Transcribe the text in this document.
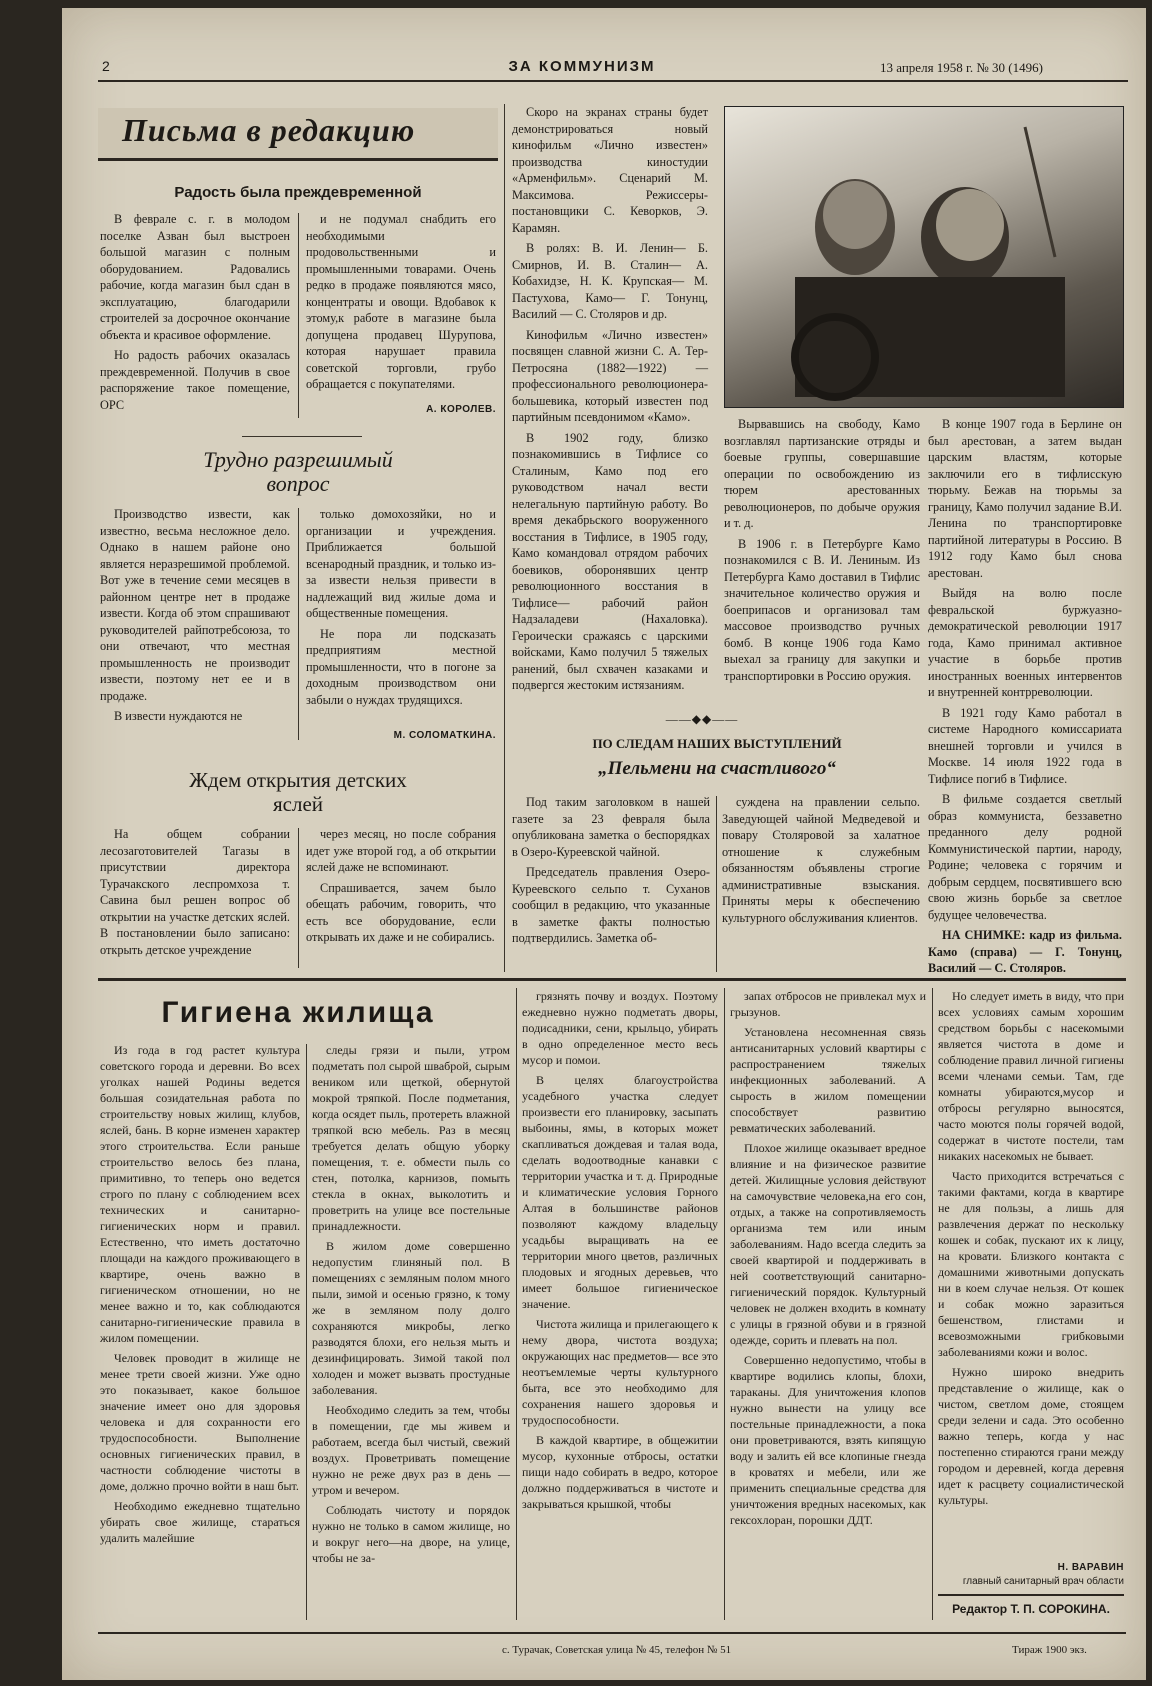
2	ЗА КОММУНИЗМ	13 апреля 1958 г. № 30 (1496)
Письма в редакцию
Радость была преждевременной

В феврале с. г. в молодом поселке Азван был выстроен большой магазин с полным оборудованием. Радовались рабочие, когда магазин был сдан в эксплуатацию, благодарили строителей за досрочное окончание объекта и красивое оформление.

Но радость рабочих оказалась преждевременной. Получив в свое распоряжение такое помещение, ОРС

и не подумал снабдить его необходимыми продовольственными и промышленными товарами. Очень редко в продаже появляются мясо, концентраты и овощи. Вдобавок к этому,к работе в магазине была допущена продавец Шурупова, которая нарушает правила советской торговли, грубо обращается с покупателями.

А. КОРОЛЕВ.
Трудно разрешимый
вопрос

Производство извести, как известно, весьма несложное дело. Однако в нашем районе оно является неразрешимой проблемой. Вот уже в течение семи месяцев в районном центре нет в продаже извести. Когда об этом спрашивают руководителей райпотребсоюза, то они отвечают, что местная промышленность не производит извести, поэтому нет ее и в продаже.

В извести нуждаются не

только домохозяйки, но и организации и учреждения. Приближается большой всенародный праздник, и только из-за извести нельзя привести в надлежащий вид жилые дома и общественные помещения.

Не пора ли подсказать предприятиям местной промышленности, что в погоне за доходным производством они забыли о нуждах трудящихся.

М. СОЛОМАТКИНА.
Ждем открытия детских
яслей

На общем собрании лесозаготовителей Тагазы в присутствии директора Турачакского леспромхоза т. Савина был решен вопрос об открытии на участке детских яслей. В постановлении было записано: открыть детское учреждение

через месяц, но после собрания идет уже второй год, а об открытии яслей даже не вспоминают.

Спрашивается, зачем было обещать рабочим, говорить, что есть все оборудование, если открывать их даже и не собирались.

Скоро на экранах страны будет демонстрироваться новый кинофильм «Лично известен» производства киностудии «Арменфильм». Сценарий М. Максимова. Режиссеры-постановщики С. Кеворков, Э. Карамян.

В ролях: В. И. Ленин— Б. Смирнов, И. В. Сталин— А. Кобахидзе, Н. К. Крупская— М. Пастухова, Камо— Г. Тонунц, Василий — С. Столяров и др.

Кинофильм «Лично известен» посвящен славной жизни С. А. Тер-Петросяна (1882—1922) —профессионального революционера-большевика, который известен под партийным псевдонимом «Камо».

В 1902 году, близко познакомившись в Тифлисе со Сталиным, Камо под его руководством начал вести нелегальную партийную работу. Во время декабрьского вооруженного восстания в Тифлисе, в 1905 году, Камо командовал отрядом рабочих боевиков, оборонявших центр революционного восстания в Тифлисе— рабочий район Надзаладеви (Нахаловка). Героически сражаясь с царскими войсками, Камо получил 5 тяжелых ранений, был схвачен казаками и подвергся жестоким истязаниям.

Вырвавшись на свободу, Камо возглавлял партизанские отряды и боевые группы, совершавшие операции по освобождению из тюрем арестованных революционеров, по добыче оружия и т. д.

В 1906 г. в Петербурге Камо познакомился с В. И. Лениным. Из Петербурга Камо доставил в Тифлис значительное количество оружия и боеприпасов и организовал там массовое производство ручных бомб. В конце 1906 года Камо выехал за границу для закупки и транспортировки в Россию оружия.

В конце 1907 года в Берлине он был арестован, а затем выдан царским властям, которые заключили его в тифлисскую тюрьму. Бежав на тюрьмы за границу, Камо получил задание В.И. Ленина по транспортировке партийной литературы в Россию. В 1912 году Камо был снова арестован.

Выйдя на волю после февральской буржуазно-демократической революции 1917 года, Камо принимал активное участие в борьбе против иностранных военных интервентов и внутренней контрреволюции.

В 1921 году Камо работал в системе Народного комиссариата внешней торговли и учился в Москве. 14 июля 1922 года в Тифлисе погиб в Тифлисе.

В фильме создается светлый образ коммуниста, беззаветно преданного делу родной Коммунистической партии, народу, Родине; человека с горячим и добрым сердцем, посвятившего всю свою жизнь борьбе за светлое будущее человечества.

НА СНИМКЕ: кадр из фильма. Камо (справа) — Г. Тонунц, Василий — С. Столяров.

――◆◆――
ПО СЛЕДАМ НАШИХ ВЫСТУПЛЕНИЙ
„Пельмени на счастливого“

Под таким заголовком в нашей газете за 23 февраля была опубликована заметка о беспорядках в Озеро-Куреевской чайной.

Председатель правления Озеро-Куреевского сельпо т. Суханов сообщил в редакцию, что указанные в заметке факты полностью подтвердились. Заметка об-

суждена на правлении сельпо. Заведующей чайной Медведевой и повару Столяровой за халатное отношение к служебным обязанностям объявлены строгие административные взыскания. Приняты меры к обеспечению культурного обслуживания клиентов.

Гигиена жилища

Из года в год растет культура советского города и деревни. Во всех уголках нашей Родины ведется большая созидательная работа по строительству новых жилищ, клубов, яслей, бань. В корне изменен характер этого строительства. Если раньше строительство велось без плана, примитивно, то теперь оно ведется строго по плану с соблюдением всех технических и санитарно-гигиенических норм и правил. Естественно, что иметь достаточно площади на каждого проживающего в квартире, очень важно в гигиеническом отношении, но не менее важно и то, как соблюдаются санитарно-гигиенические правила в жилом помещении.

Человек проводит в жилище не менее трети своей жизни. Уже одно это показывает, какое большое значение имеет оно для здоровья человека и для сохранности его трудоспособности. Выполнение основных гигиенических правил, в частности соблюдение чистоты в доме, должно прочно войти в наш быт.

Необходимо ежедневно тщательно убирать свое жилище, стараться удалить малейшие

следы грязи и пыли, утром подметать пол сырой шваброй, сырым веником или щеткой, обернутой мокрой тряпкой. После подметания, когда осядет пыль, протереть влажной тряпкой всю мебель. Раз в месяц требуется делать общую уборку помещения, т. е. обмести пыль со стен, потолка, карнизов, помыть стекла в окнах, выколотить и проветрить на улице все постельные принадлежности.

В жилом доме совершенно недопустим глиняный пол. В помещениях с земляным полом много пыли, зимой и осенью грязно, к тому же в земляном полу долго сохраняются микробы, легко разводятся блохи, его нельзя мыть и дезинфицировать. Зимой такой пол холоден и может вызвать простудные заболевания.

Необходимо следить за тем, чтобы в помещении, где мы живем и работаем, всегда был чистый, свежий воздух. Проветривать помещение нужно не реже двух раз в день — утром и вечером.

Соблюдать чистоту и порядок нужно не только в самом жилище, но и вокруг него—на дворе, на улице, чтобы не за-

грязнять почву и воздух. Поэтому ежедневно нужно подметать дворы, подисадники, сени, крыльцо, убирать в одно определенное место весь мусор и помои.

В целях благоустройства усадебного участка следует произвести его планировку, засыпать выбоины, ямы, в которых может скапливаться дождевая и талая вода, сделать водоотводные канавки с территории участка и т. д. Природные и климатические условия Горного Алтая в большинстве районов позволяют каждому владельцу усадьбы выращивать на ее территории много цветов, различных плодовых и ягодных деревьев, что имеет большое гигиеническое значение.

Чистота жилища и прилегающего к нему двора, чистота воздуха; окружающих нас предметов— все это неотъемлемые черты культурного быта, все это необходимо для сохранения нашего здоровья и трудоспособности.

В каждой квартире, в общежитии мусор, кухонные отбросы, остатки пищи надо собирать в ведро, которое должно поддерживаться в чистоте и закрываться крышкой, чтобы

запах отбросов не привлекал мух и грызунов.

Установлена несомненная связь антисанитарных условий квартиры с распространением тяжелых инфекционных заболеваний. А сырость в жилом помещении способствует развитию ревматических заболеваний.

Плохое жилище оказывает вредное влияние и на физическое развитие детей. Жилищные условия действуют на самочувствие человека,на его сон, отдых, а также на сопротивляемость организма тем или иным заболеваниям. Надо всегда следить за своей квартирой и поддерживать в ней соответствующий санитарно-гигиенический порядок. Культурный человек не должен входить в комнату с улицы в грязной обуви и в грязной одежде, сорить и плевать на пол.

Совершенно недопустимо, чтобы в квартире водились клопы, блохи, тараканы. Для уничтожения клопов нужно вынести на улицу все постельные принадлежности, а пока они проветриваются, взять кипящую воду и залить ей все клопиные гнезда в кроватях и мебели, или же применить специальные средства для уничтожения вредных насекомых, как гексохлоран, порошки ДДТ.

Но следует иметь в виду, что при всех условиях самым хорошим средством борьбы с насекомыми является чистота в доме и соблюдение правил личной гигиены всеми членами семьи. Там, где комнаты убираются,мусор и отбросы регулярно выносятся, часто моются полы горячей водой, содержат в чистоте постели, там никаких насекомых не бывает.

Часто приходится встречаться с такими фактами, когда в квартире не для пользы, а лишь для развлечения держат по нескольку кошек и собак, пускают их к лицу, на кровати. Близкого контакта с домашними животными допускать ни в коем случае нельзя. От кошек и собак можно заразиться бешенством, глистами и всевозможными грибковыми заболеваниями кожи и волос.

Нужно широко внедрить представление о жилище, как о чистом, светлом доме, стоящем среди зелени и сада. Это особенно важно теперь, когда у нас постепенно стираются грани между городом и деревней, когда деревня идет к расцвету социалистической культуры.

Н. ВАРАВИН
главный санитарный врач области
Редактор Т. П. СОРОКИНА.
с. Турачак, Советская улица № 45, телефон № 51	Тираж 1900 экз.
